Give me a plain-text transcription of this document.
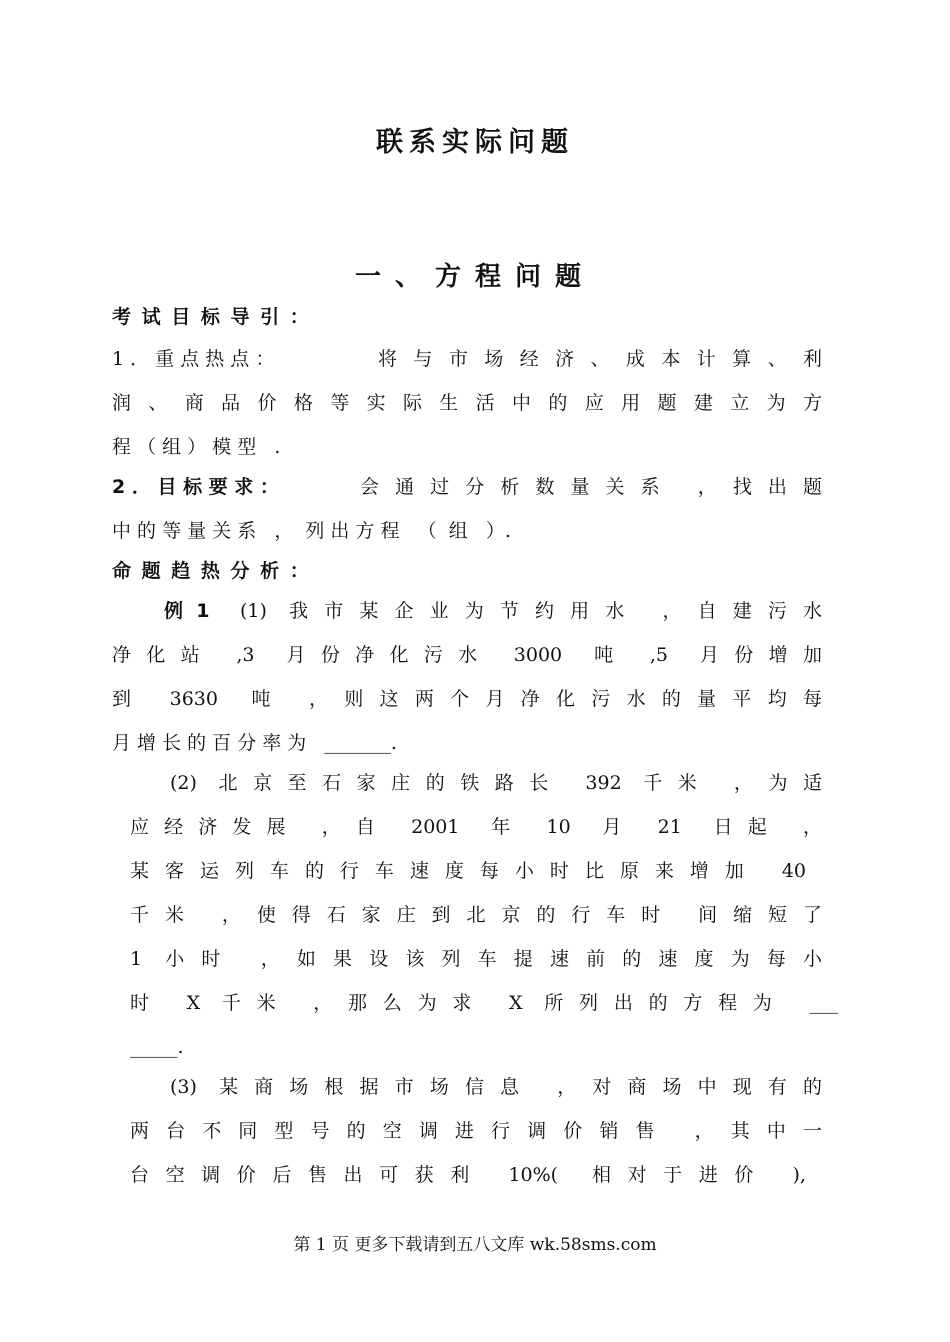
联系实际问题
一、方程问题
考 试 目 标 导 引 ：
1 ． 重 点 热 点 ：	将 与 市 场 经 济 、 成 本 计 算 、 利
润 、 商 品 价 格 等 实 际 生 活 中 的 应 用 题 建 立 为 方
程 （ 组 ） 模 型   .
2 ． 目 标 要 求 ：	会 通 过 分 析 数 量 关 系   ， 找 出 题
中 的 等 量 关 系   ，  列 出 方 程   （  组   ）.
命 题 趋 热 分 析 ：
例  1 (1)  我 市 某 企 业 为 节 约 用 水   ， 自 建 污 水
净 化 站   ,3   月 份 净 化 污 水   3000   吨   ,5   月 份 增 加
到   3630   吨   ， 则 这 两 个 月 净 化 污 水 的 量 平 均 每
月 增 长 的 百 分 率 为   _______.
(2)  北 京 至 石 家 庄 的 铁 路 长   392  千 米   ， 为 适
应 经 济 发 展   ， 自   2001   年   10   月   21   日 起   ，
某 客 运 列 车 的 行 车 速 度 每 小 时 比 原 来 增 加   40
千 米   ， 使 得 石 家 庄 到 北 京 的 行 车 时   间 缩 短 了
1  小 时   ， 如 果 设 该 列 车 提 速 前 的 速 度 为 每 小
时   X  千 米   ， 那 么 为 求   X  所 列 出 的 方 程 为   ___
_____.
(3)  某 商 场 根 据 市 场 信 息   ， 对 商 场 中 现 有 的
两 台 不 同 型 号 的 空 调 进 行 调 价 销 售   ， 其 中 一
台 空 调 价 后 售 出 可 获 利   10%(   相 对 于 进 价   ),
第 1 页 更多下载请到五八文库 wk.58sms.com
